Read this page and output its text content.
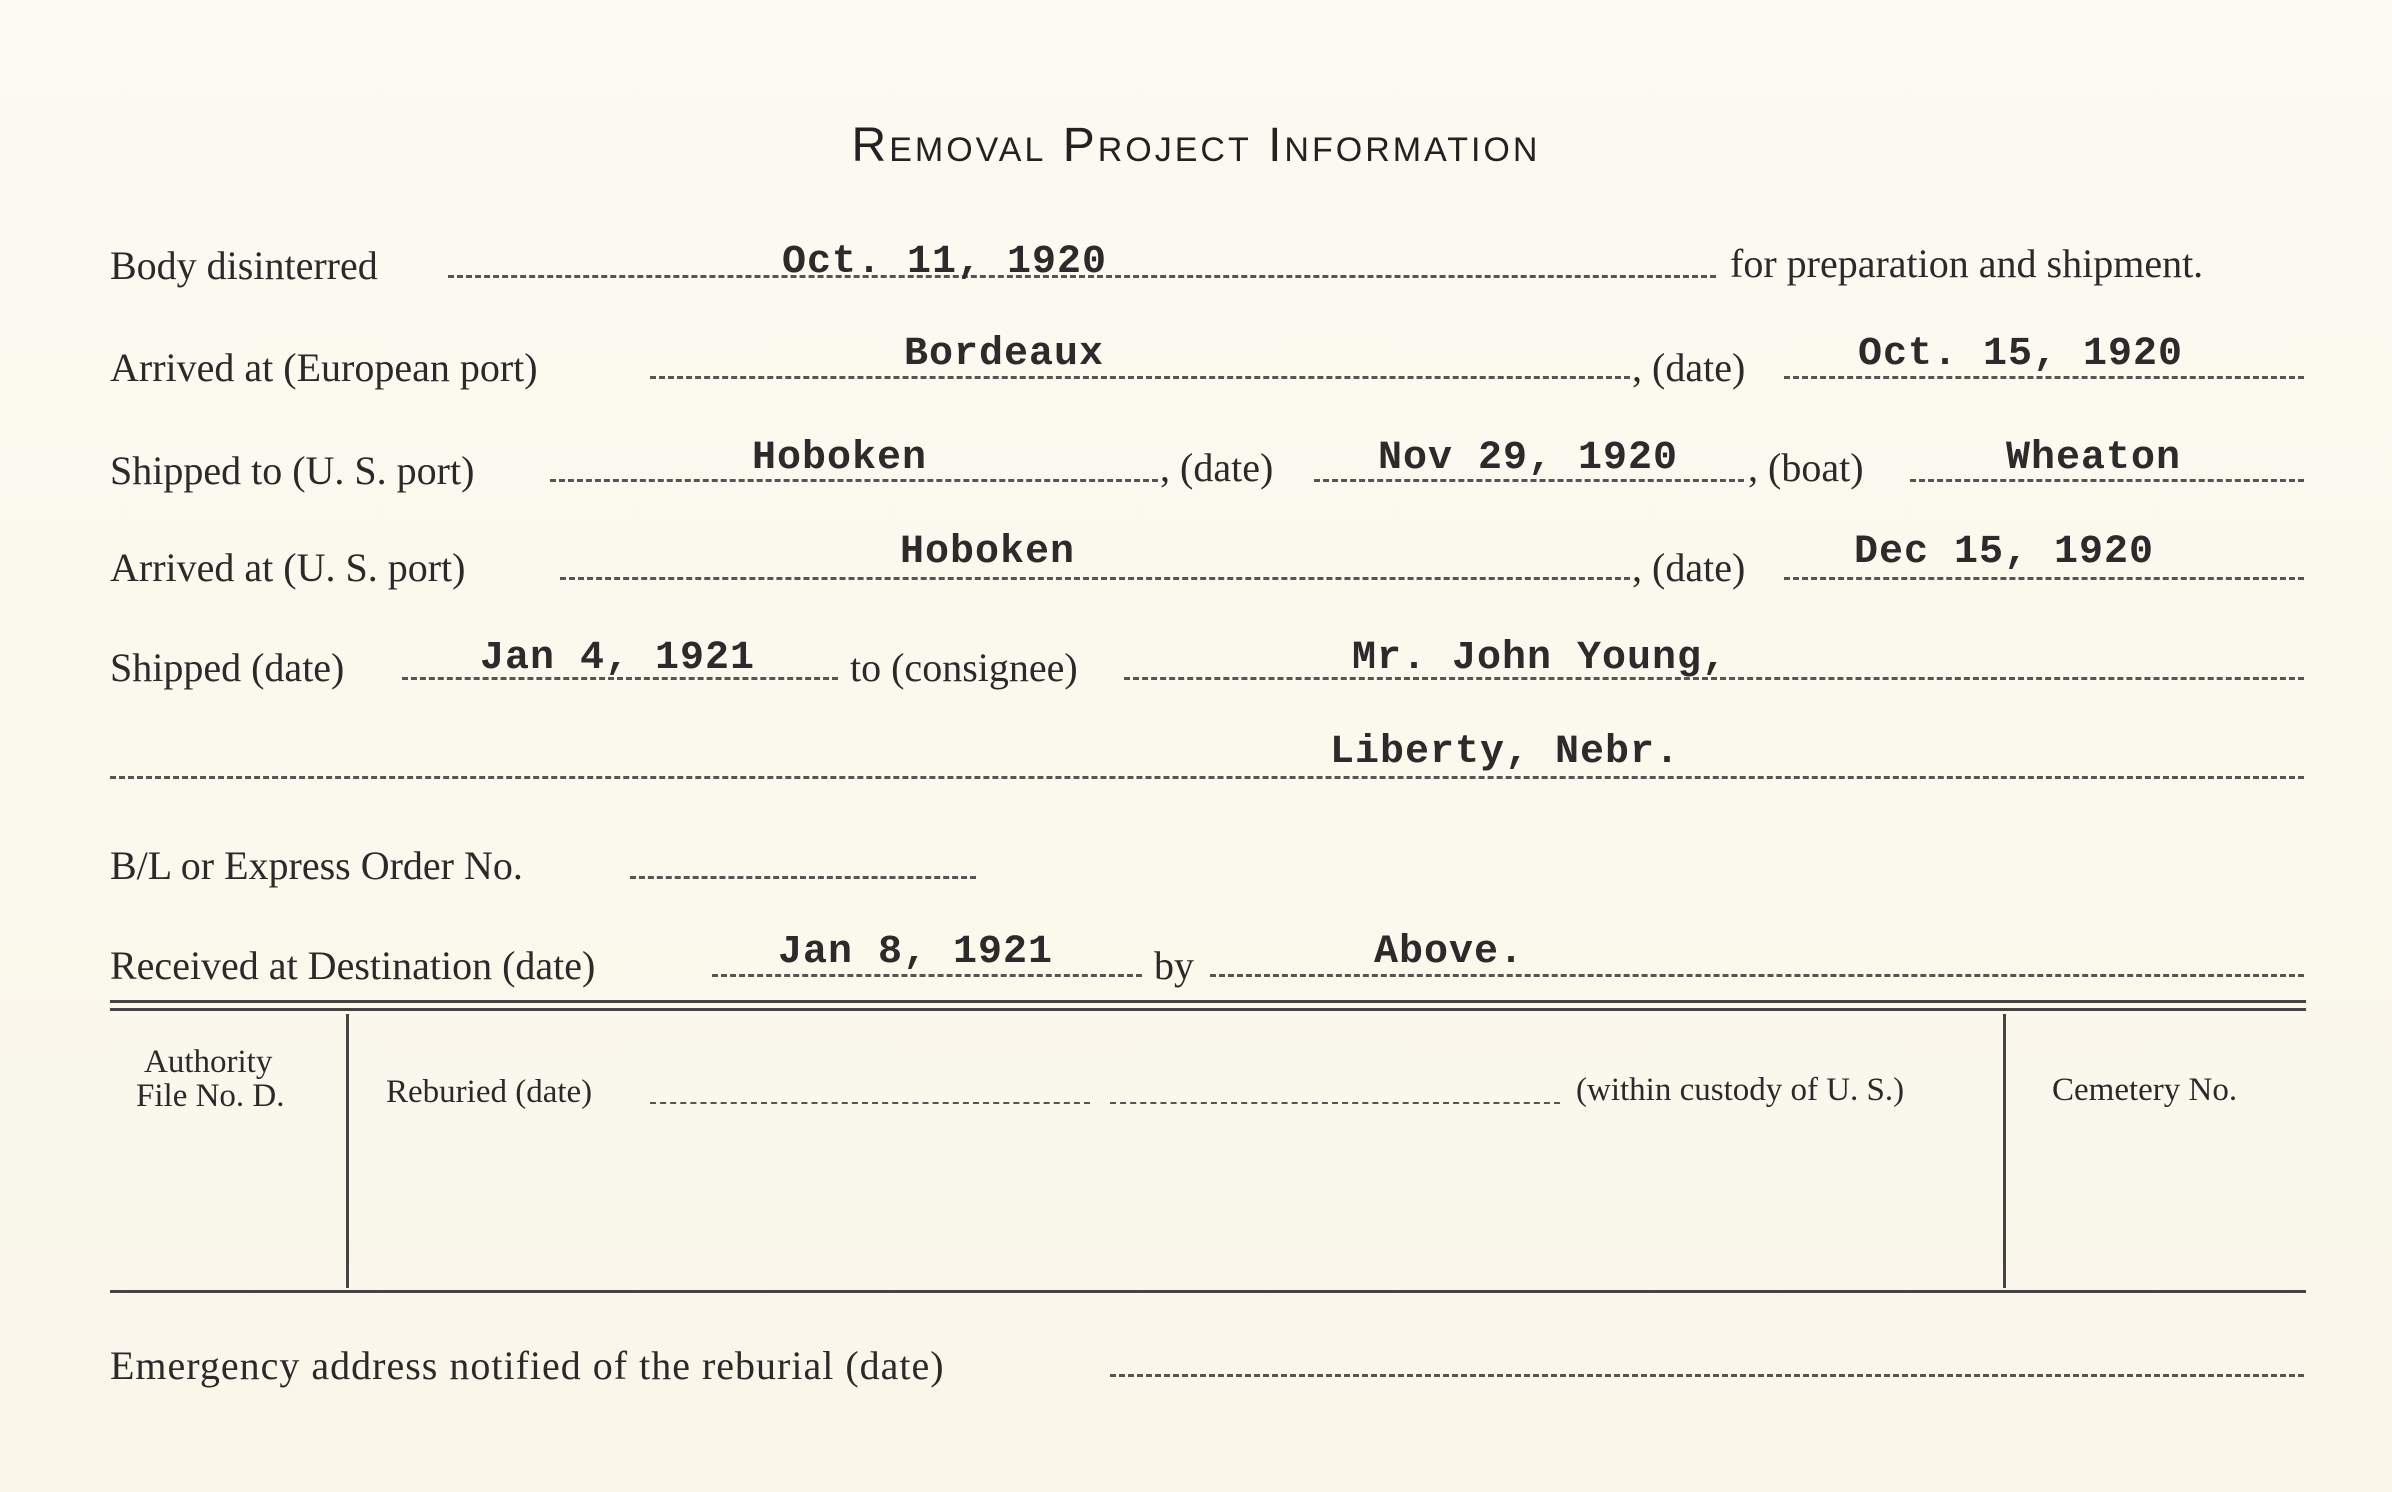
Removal Project Information
Body disinterred	Oct. 11, 1920	for preparation and shipment.
Arrived at (European port)	Bordeaux	, (date)	Oct. 15, 1920
Shipped to (U. S. port)	Hoboken	, (date)	Nov 29, 1920 , (boat)	Wheaton
Arrived at (U. S. port)	Hoboken	, (date)	Dec 15, 1920
Shipped (date)	Jan 4, 1921 to (consignee)	Mr. John Young,
Liberty, Nebr.
B/L or Express Order No.
Received at Destination (date)	Jan 8, 1921	by	Above.
Authority
File No. D.	Reburied (date)	(within custody of U. S.)	Cemetery No.
Emergency address notified of the reburial (date)
